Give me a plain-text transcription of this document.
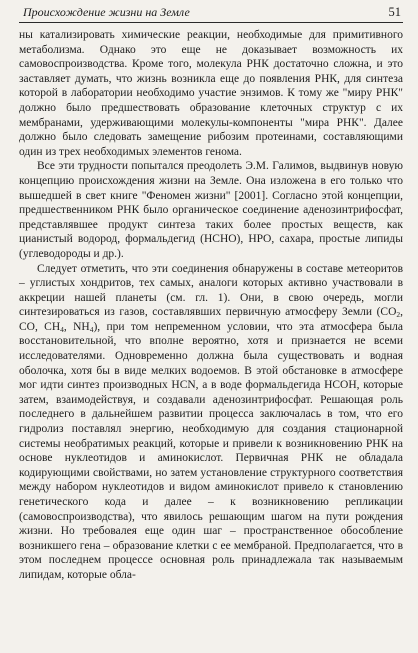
Происхождение жизни на Земле	51

ны катализировать химические реакции, необходимые для примитивного метаболизма. Однако это еще не доказывает возможность их самовоспроизводства. Кроме того, молекула РНК достаточно сложна, и это заставляет думать, что жизнь возникла еще до появления РНК, для синтеза которой в лаборатории необходимо участие энзимов. К тому же "миру РНК" должно было предшествовать образование клеточных структур с их мембранами, удерживающими молекулы-компоненты "мира РНК". Далее должно было следовать замещение рибозим протеинами, составляющими один из трех необходимых элементов генома.

Все эти трудности попытался преодолеть Э.М. Галимов, выдвинув новую концепцию происхождения жизни на Земле. Она изложена в его только что вышедшей в свет книге "Феномен жизни" [2001]. Согласно этой концепции, предшественником РНК было органическое соединение аденозинтрифосфат, представлявшее продукт синтеза таких более простых веществ, как цианистый водород, формальдегид (HCHO), HPO, сахара, простые липиды (углеводороды и др.).

Следует отметить, что эти соединения обнаружены в составе метеоритов – углистых хондритов, тех самых, аналоги которых активно участвовали в аккреции нашей планеты (см. гл. 1). Они, в свою очередь, могли синтезироваться из газов, составлявших первичную атмосферу Земли ($CO_2$, CO, $CH_4$, $NH_4$), при том непременном условии, что эта атмосфера была восстановительной, что вполне вероятно, хотя и признается не всеми исследователями. Одновременно должна была существовать и водная оболочка, хотя бы в виде мелких водоемов. В этой обстановке в атмосфере мог идти синтез производных HCN, а в воде формальдегида HCOH, которые затем, взаимодействуя, и создавали аденозинтрифосфат. Решающая роль последнего в дальнейшем развитии процесса заключалась в том, что его гидролиз поставлял энергию, необходимую для создания стационарной системы необратимых реакций, которые и привели к возникновению РНК на основе нуклеотидов и аминокислот. Первичная РНК не обладала кодирующими свойствами, но затем установление структурного соответствия между набором нуклеотидов и видом аминокислот привело к становлению генетического кода и далее – к возникновению репликации (самовоспроизводства), что явилось решающим шагом на пути рождения жизни. Но требовалея еще один шаг – пространственное обособление возникшего гена – образование клетки с ее мембраной. Предполагается, что в этом последнем процессе основная роль принадлежала так называемым липидам, которые обла-
